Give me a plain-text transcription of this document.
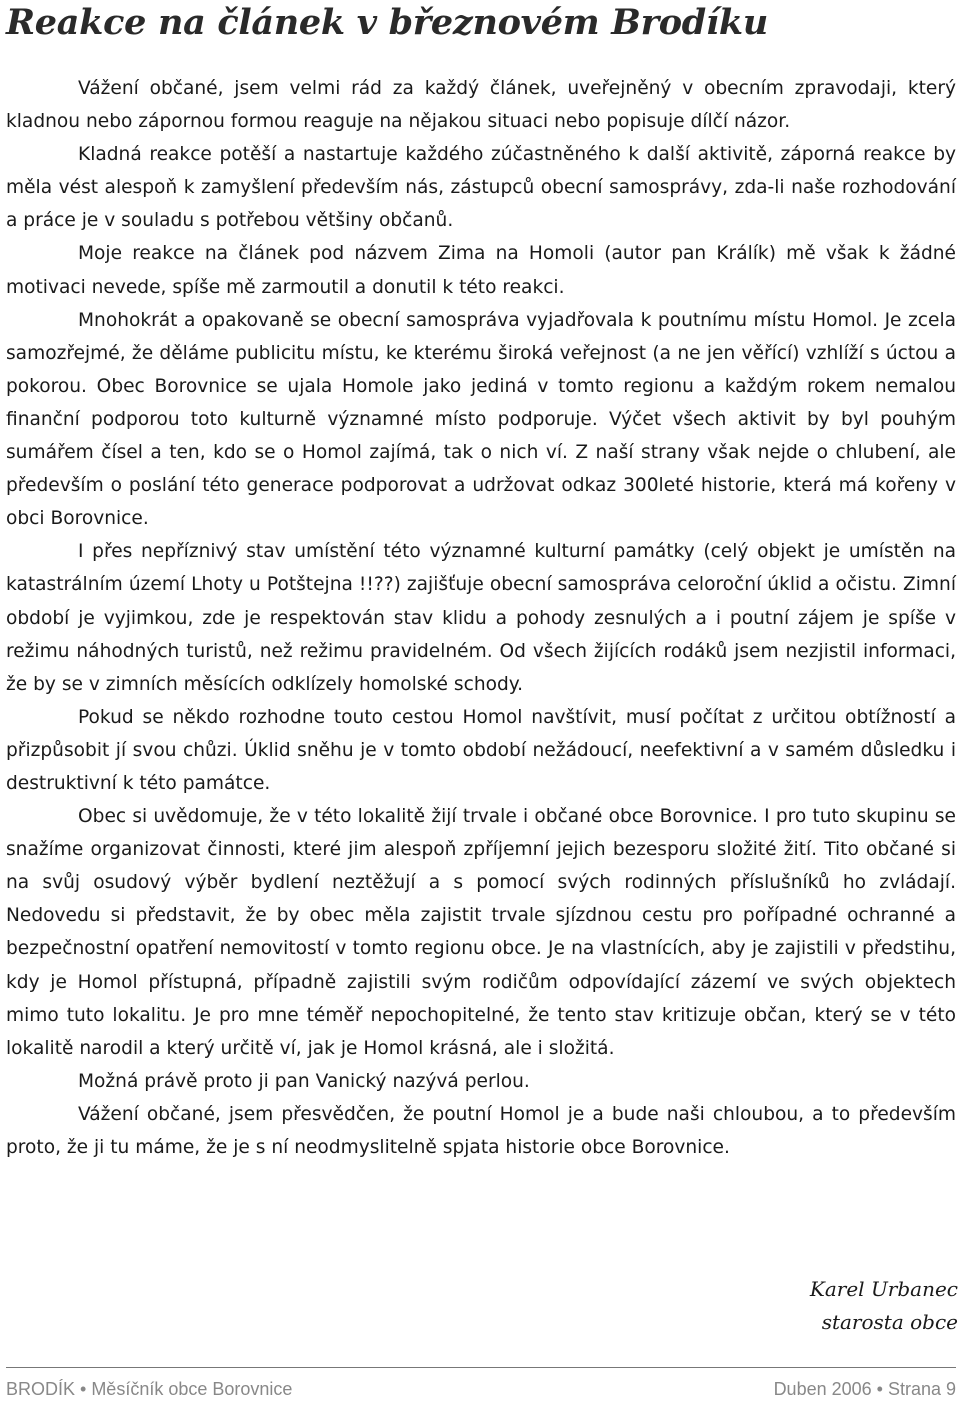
Reakce na článek v březnovém Brodíku

Vážení občané, jsem velmi rád za každý článek, uveřejněný v obecním zpravodaji, který kladnou nebo zápornou formou reaguje na nějakou situaci nebo popisuje dílčí názor.

Kladná reakce potěší a nastartuje každého zúčastněného k další aktivitě, záporná reakce by měla vést alespoň k zamyšlení především nás, zástupců obecní samosprávy, zda-li naše rozhodování a práce je v souladu s potřebou většiny občanů.

Moje reakce na článek pod názvem Zima na Homoli (autor pan Králík) mě však k žádné motivaci nevede, spíše mě zarmoutil a donutil k této reakci.

Mnohokrát a opakovaně se obecní samospráva vyjadřovala k poutnímu místu Homol. Je zcela samozřejmé, že děláme publicitu místu, ke kterému široká veřejnost (a ne jen věřící) vzhlíží s úctou a pokorou. Obec Borovnice se ujala Homole jako jediná v tomto regionu a každým rokem nemalou finanční podporou toto kulturně významné místo podporuje. Výčet všech aktivit by byl pouhým sumářem čísel a ten, kdo se o Homol zajímá, tak o nich ví. Z naší strany však nejde o chlubení, ale především o poslání této generace podporovat a udržovat odkaz 300leté historie, která má kořeny v obci Borovnice.

I přes nepříznivý stav umístění této významné kulturní památky (celý objekt je umístěn na katastrálním území Lhoty u Potštejna !!??) zajišťuje obecní samospráva celoroční úklid a očistu. Zimní období je vyjimkou, zde je respektován stav klidu a pohody zesnulých a i poutní zájem je spíše v režimu náhodných turistů, než režimu pravidelném. Od všech žijících rodáků jsem nezjistil informaci, že by se v zimních měsících odklízely homolské schody.

Pokud se někdo rozhodne touto cestou Homol navštívit, musí počítat z určitou obtížností a přizpůsobit jí svou chůzi. Úklid sněhu je v tomto období nežádoucí, neefektivní a v samém důsledku i destruktivní k této památce.

Obec si uvědomuje, že v této lokalitě žijí trvale i občané obce Borovnice. I pro tuto skupinu se snažíme organizovat činnosti, které jim alespoň zpříjemní jejich bezesporu složité žití. Tito občané si na svůj osudový výběr bydlení neztěžují a s pomocí svých rodinných příslušníků ho zvládají. Nedovedu si představit, že by obec měla zajistit trvale sjízdnou cestu pro pořípadné ochranné a bezpečnostní opatření nemovitostí v tomto regionu obce. Je na vlastnících, aby je zajistili v předstihu, kdy je Homol přístupná, případně zajistili svým rodičům odpovídající zázemí ve svých objektech mimo tuto lokalitu. Je pro mne téměř nepochopitelné, že tento stav kritizuje občan, který se v této lokalitě narodil a který určitě ví, jak je Homol krásná, ale i složitá.

Možná právě proto ji pan Vanický nazývá perlou.

Vážení občané, jsem přesvědčen, že poutní Homol je a bude naši chloubou, a to především proto, že ji tu máme, že je s ní neodmyslitelně spjata historie obce Borovnice.

Karel Urbanec
starosta obce
BRODÍK • Měsíčník obce Borovnice	Duben 2006 • Strana 9
